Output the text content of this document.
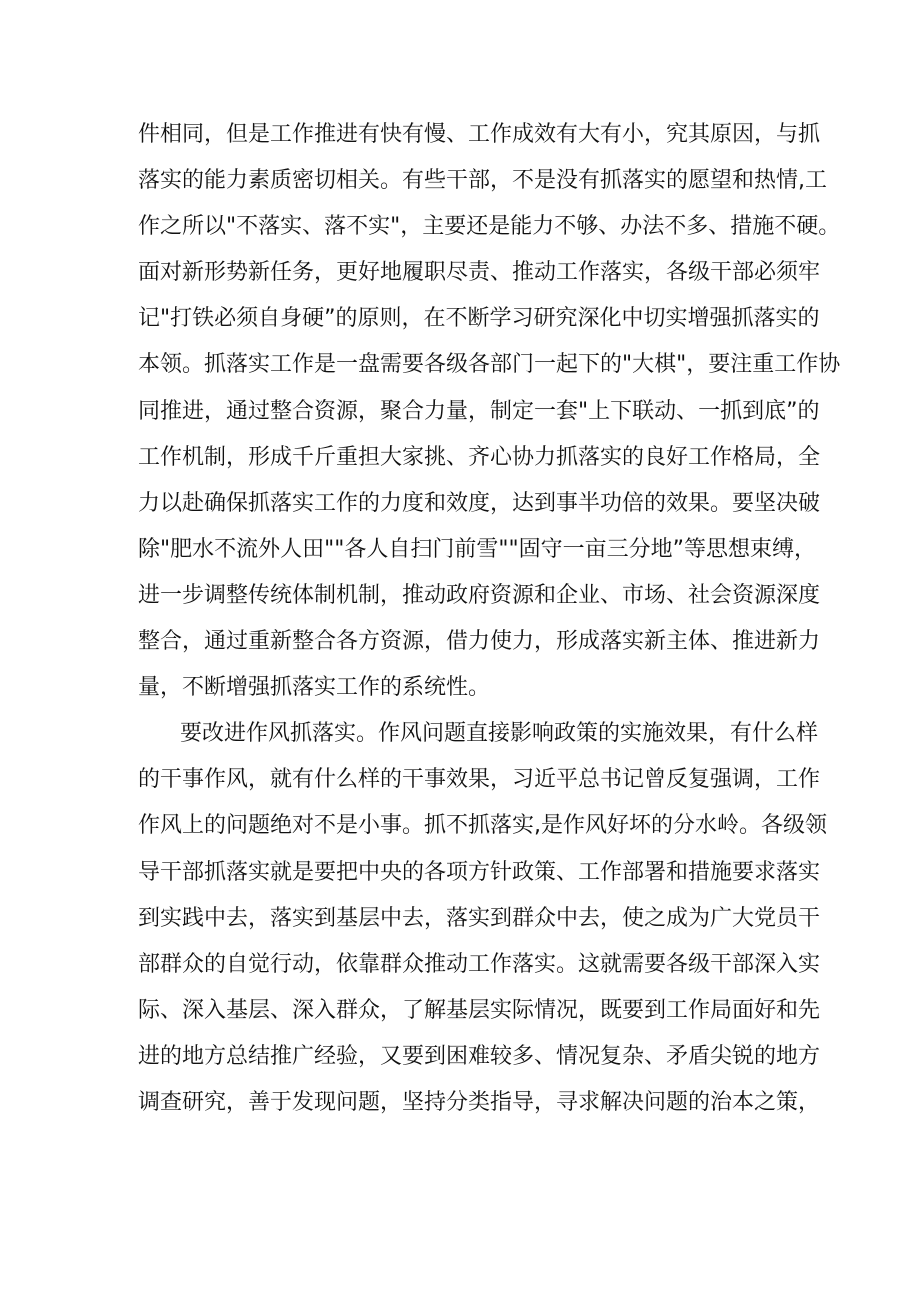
件相同，但是工作推进有快有慢、工作成效有大有小，究其原因，与抓
落实的能力素质密切相关。有些干部，不是没有抓落实的愿望和热情,工
作之所以"不落实、落不实"，主要还是能力不够、办法不多、措施不硬。
面对新形势新任务，更好地履职尽责、推动工作落实，各级干部必须牢
记"打铁必须自身硬”的原则，在不断学习研究深化中切实增强抓落实的
本领。抓落实工作是一盘需要各级各部门一起下的"大棋"，要注重工作协
同推进，通过整合资源，聚合力量，制定一套"上下联动、一抓到底”的
工作机制，形成千斤重担大家挑、齐心协力抓落实的良好工作格局，全
力以赴确保抓落实工作的力度和效度，达到事半功倍的效果。要坚决破
除"肥水不流外人田""各人自扫门前雪""固守一亩三分地”等思想束缚，
进一步调整传统体制机制，推动政府资源和企业、市场、社会资源深度
整合，通过重新整合各方资源，借力使力，形成落实新主体、推进新力
量，不断增强抓落实工作的系统性。
要改进作风抓落实。作风问题直接影响政策的实施效果，有什么样
的干事作风，就有什么样的干事效果，习近平总书记曾反复强调，工作
作风上的问题绝对不是小事。抓不抓落实,是作风好坏的分水岭。各级领
导干部抓落实就是要把中央的各项方针政策、工作部署和措施要求落实
到实践中去，落实到基层中去，落实到群众中去，使之成为广大党员干
部群众的自觉行动，依靠群众推动工作落实。这就需要各级干部深入实
际、深入基层、深入群众，了解基层实际情况，既要到工作局面好和先
进的地方总结推广经验，又要到困难较多、情况复杂、矛盾尖锐的地方
调查研究，善于发现问题，坚持分类指导，寻求解决问题的治本之策，
